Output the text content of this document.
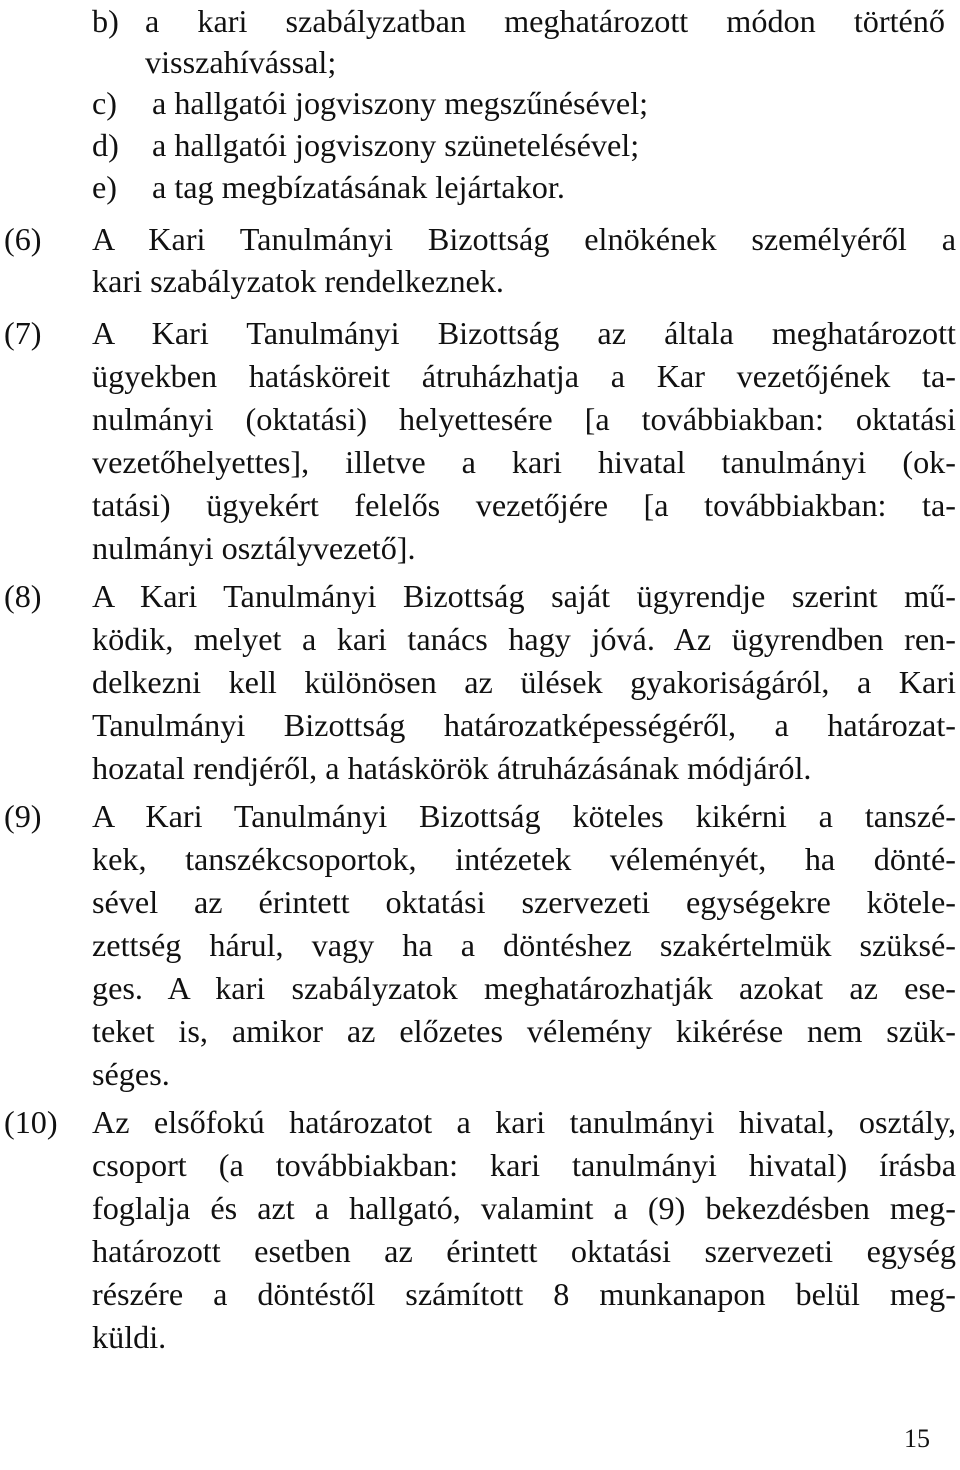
b) a kari szabályzatban meghatározott módon történő
visszahívással;
c) a hallgatói jogviszony megszűnésével;
d) a hallgatói jogviszony szünetelésével;
e) a tag megbízatásának lejártakor.
(6) A Kari Tanulmányi Bizottság elnökének személyéről a
kari szabályzatok rendelkeznek.
(7) A Kari Tanulmányi Bizottság az általa meghatározott
ügyekben hatásköreit átruházhatja a Kar vezetőjének ta-
nulmányi (oktatási) helyettesére [a továbbiakban: oktatási
vezetőhelyettes], illetve a kari hivatal tanulmányi (ok-
tatási) ügyekért felelős vezetőjére [a továbbiakban: ta-
nulmányi osztályvezető].
(8) A Kari Tanulmányi Bizottság saját ügyrendje szerint mű-
ködik, melyet a kari tanács hagy jóvá. Az ügyrendben ren-
delkezni kell különösen az ülések gyakoriságáról, a Kari
Tanulmányi Bizottság határozatképességéről, a határozat-
hozatal rendjéről, a hatáskörök átruházásának módjáról.
(9) A Kari Tanulmányi Bizottság köteles kikérni a tanszé-
kek, tanszékcsoportok, intézetek véleményét, ha dönté-
sével az érintett oktatási szervezeti egységekre kötele-
zettség hárul, vagy ha a döntéshez szakértelmük szüksé-
ges. A kari szabályzatok meghatározhatják azokat az ese-
teket is, amikor az előzetes vélemény kikérése nem szük-
séges.
(10) Az elsőfokú határozatot a kari tanulmányi hivatal, osztály,
csoport (a továbbiakban: kari tanulmányi hivatal) írásba
foglalja és azt a hallgató, valamint a (9) bekezdésben meg-
határozott esetben az érintett oktatási szervezeti egység
részére a döntéstől számított 8 munkanapon belül meg-
küldi.
15
